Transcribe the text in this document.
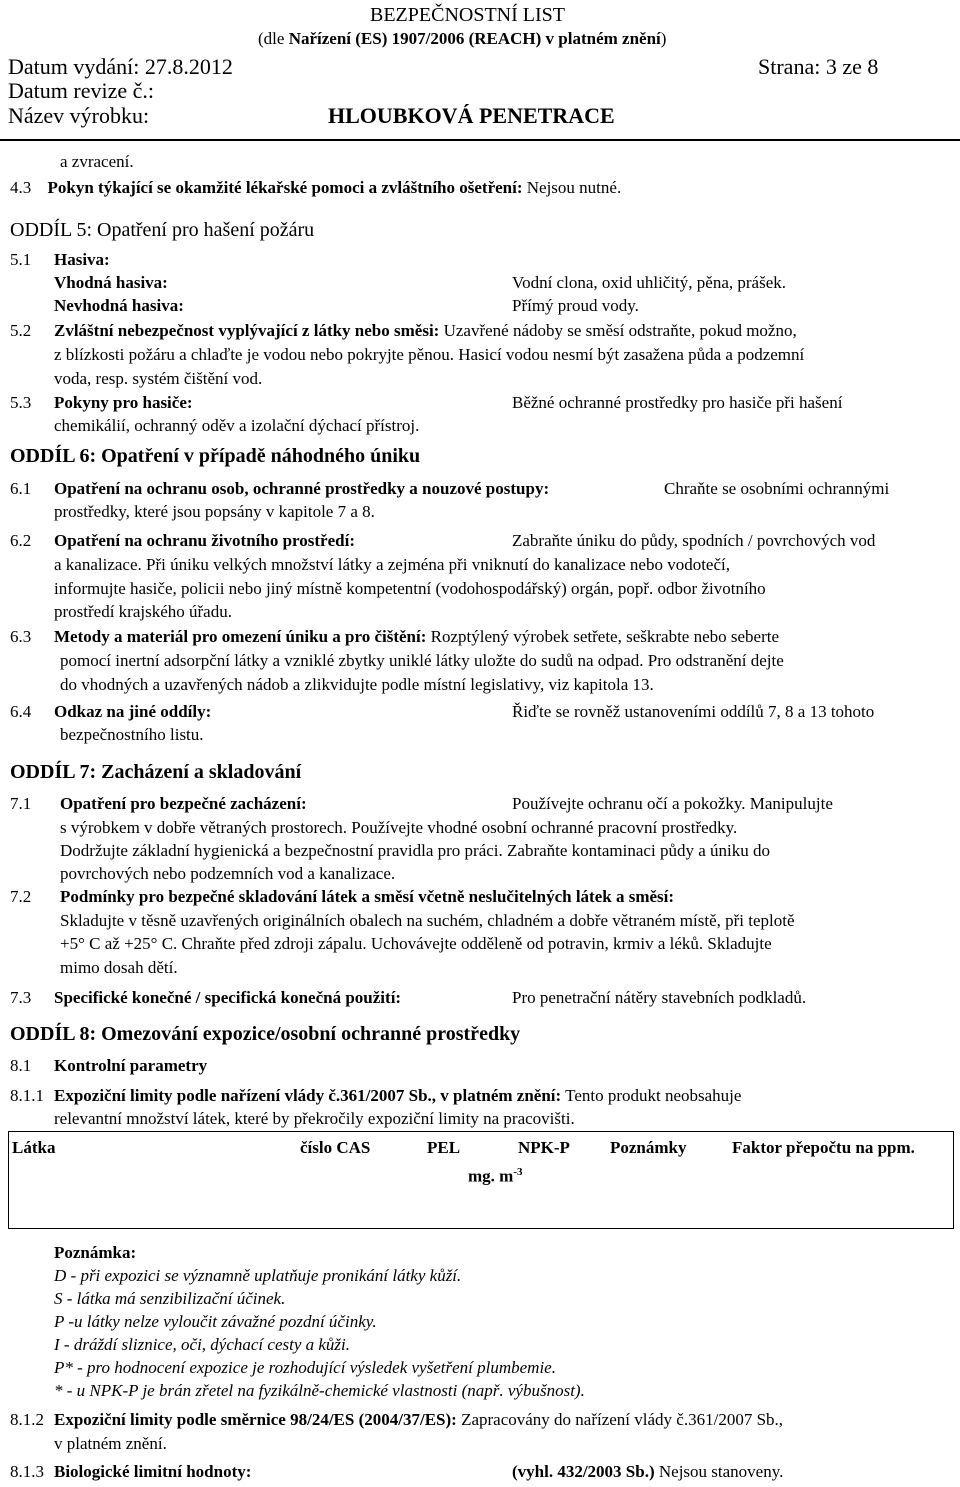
BEZPEČNOSTNÍ LIST
(dle Nařízení (ES) 1907/2006 (REACH) v platném znění)
Datum vydání: 27.8.2012	Strana: 3 ze 8
Datum revize č.:
Název výrobku:	HLOUBKOVÁ PENETRACE
a zvracení.
4.3 Pokyn týkající se okamžité lékařské pomoci a zvláštního ošetření: Nejsou nutné.
ODDÍL 5: Opatření pro hašení požáru
5.1 Hasiva:
Vhodná hasiva:	Vodní clona, oxid uhličitý, pěna, prášek.
Nevhodná hasiva:	Přímý proud vody.
5.2 Zvláštní nebezpečnost vyplývající z látky nebo směsi: Uzavřené nádoby se směsí odstraňte, pokud možno,
z blízkosti požáru a chlaďte je vodou nebo pokryjte pěnou. Hasicí vodou nesmí být zasažena půda a podzemní
voda, resp. systém čištění vod.
5.3 Pokyny pro hasiče:	Běžné ochranné prostředky pro hasiče při hašení
chemikálií, ochranný oděv a izolační dýchací přístroj.
ODDÍL 6: Opatření v případě náhodného úniku
6.1 Opatření na ochranu osob, ochranné prostředky a nouzové postupy:	Chraňte se osobními ochrannými
prostředky, které jsou popsány v kapitole 7 a 8.
6.2 Opatření na ochranu životního prostředí:	Zabraňte úniku do půdy, spodních / povrchových vod
a kanalizace. Při úniku velkých množství látky a zejména při vniknutí do kanalizace nebo vodotečí,
informujte hasiče, policii nebo jiný místně kompetentní (vodohospodářský) orgán, popř. odbor životního
prostředí krajského úřadu.
6.3 Metody a materiál pro omezení úniku a pro čištění: Rozptýlený výrobek setřete, seškrabte nebo seberte
pomocí inertní adsorpční látky a vzniklé zbytky uniklé látky uložte do sudů na odpad. Pro odstranění dejte
do vhodných a uzavřených nádob a zlikvidujte podle místní legislativy, viz kapitola 13.
6.4 Odkaz na jiné oddíly:	Řiďte se rovněž ustanoveními oddílů 7, 8 a 13 tohoto
bezpečnostního listu.
ODDÍL 7: Zacházení a skladování
7.1 Opatření pro bezpečné zacházení:	Používejte ochranu očí a pokožky. Manipulujte
s výrobkem v dobře větraných prostorech. Používejte vhodné osobní ochranné pracovní prostředky.
Dodržujte základní hygienická a bezpečnostní pravidla pro práci. Zabraňte kontaminaci půdy a úniku do
povrchových nebo podzemních vod a kanalizace.
7.2 Podmínky pro bezpečné skladování látek a směsí včetně neslučitelných látek a směsí:
Skladujte v těsně uzavřených originálních obalech na suchém, chladném a dobře větraném místě, při teplotě
+5° C až +25° C. Chraňte před zdroji zápalu. Uchovávejte odděleně od potravin, krmiv a léků. Skladujte
mimo dosah dětí.
7.3 Specifické konečné / specifická konečná použití:	Pro penetrační nátěry stavebních podkladů.
ODDÍL 8: Omezování expozice/osobní ochranné prostředky
8.1 Kontrolní parametry
8.1.1 Expoziční limity podle nařízení vlády č.361/2007 Sb., v platném znění: Tento produkt neobsahuje
relevantní množství látek, které by překročily expoziční limity na pracovišti.
Látka	číslo CAS	PEL	NPK-P Poznámky	Faktor přepočtu na ppm.
mg. $m^{-3}$
Poznámka:
D - při expozici se významně uplatňuje pronikání látky kůží.
S - látka má senzibilizační účinek.
P -u látky nelze vyloučit závažné pozdní účinky.
I - dráždí sliznice, oči, dýchací cesty a kůži.
P* - pro hodnocení expozice je rozhodující výsledek vyšetření plumbemie.
* - u NPK-P je brán zřetel na fyzikálně-chemické vlastnosti (např. výbušnost).
8.1.2 Expoziční limity podle směrnice 98/24/ES (2004/37/ES): Zapracovány do nařízení vlády č.361/2007 Sb.,
v platném znění.
8.1.3 Biologické limitní hodnoty:	(vyhl. 432/2003 Sb.) Nejsou stanoveny.
